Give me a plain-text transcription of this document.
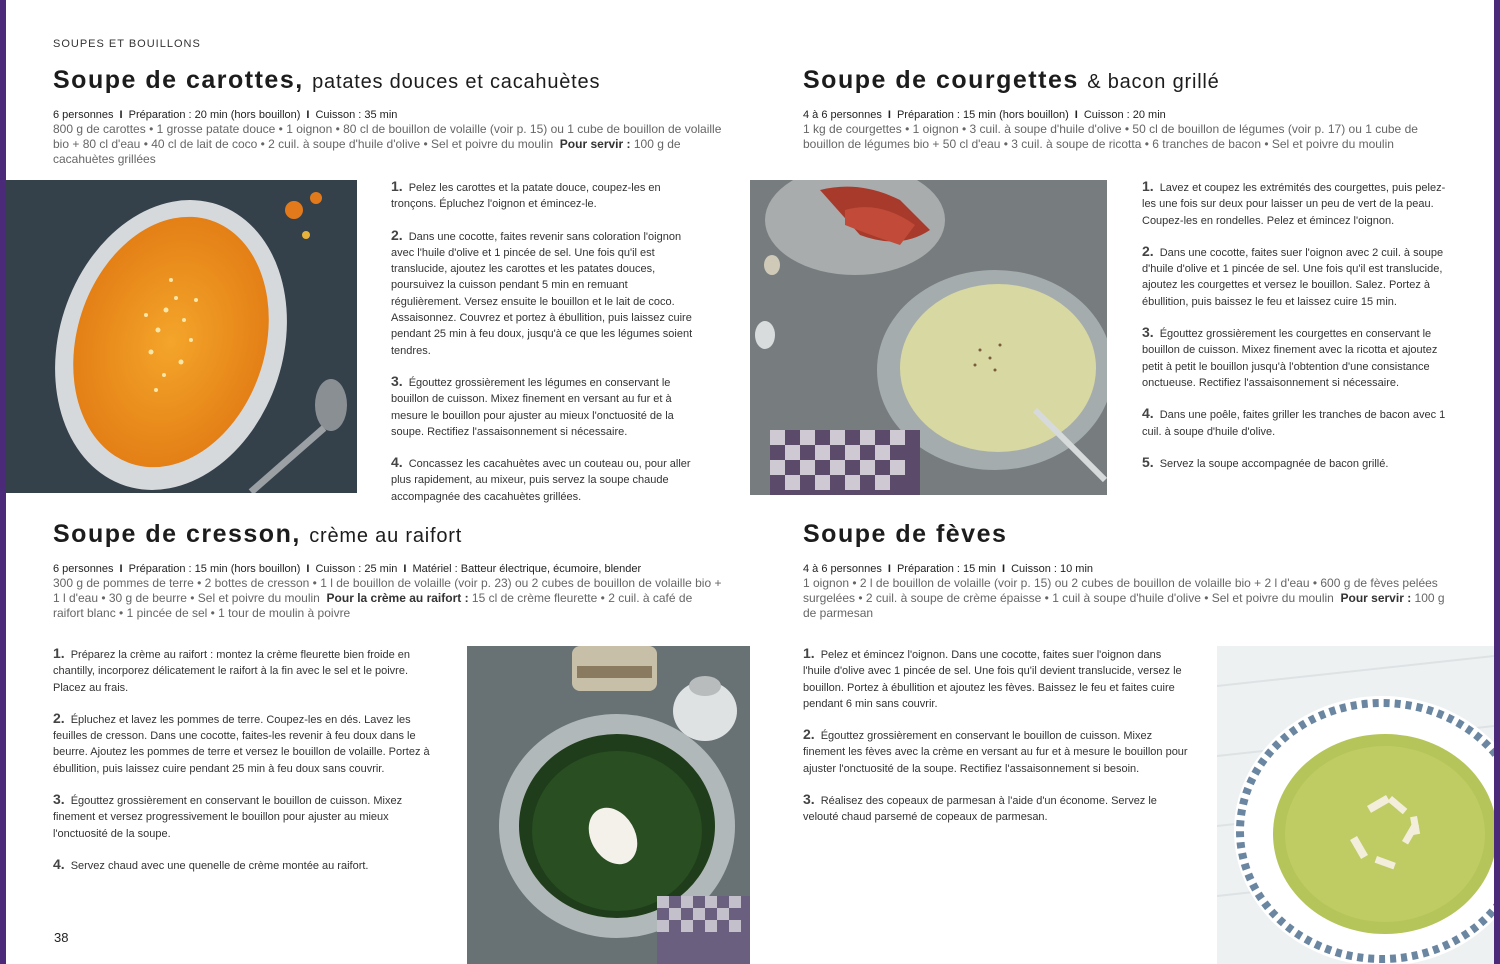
SOUPES ET BOUILLONS
Soupe de carottes, patates douces et cacahuètes
6 personnes I Préparation : 20 min (hors bouillon) I Cuisson : 35 min
800 g de carottes • 1 grosse patate douce • 1 oignon • 80 cl de bouillon de volaille (voir p. 15) ou 1 cube de bouillon de volaille bio + 80 cl d'eau • 40 cl de lait de coco • 2 cuil. à soupe d'huile d'olive • Sel et poivre du moulin Pour servir : 100 g de cacahuètes grillées
1. Pelez les carottes et la patate douce, coupez-les en tronçons. Épluchez l'oignon et émincez-le.
2. Dans une cocotte, faites revenir sans coloration l'oignon avec l'huile d'olive et 1 pincée de sel. Une fois qu'il est translucide, ajoutez les carottes et les patates douces, poursuivez la cuisson pendant 5 min en remuant régulièrement. Versez ensuite le bouillon et le lait de coco. Assaisonnez. Couvrez et portez à ébullition, puis laissez cuire pendant 25 min à feu doux, jusqu'à ce que les légumes soient tendres.
3. Égouttez grossièrement les légumes en conservant le bouillon de cuisson. Mixez finement en versant au fur et à mesure le bouillon pour ajuster au mieux l'onctuosité de la soupe. Rectifiez l'assaisonnement si nécessaire.
4. Concassez les cacahuètes avec un couteau ou, pour aller plus rapidement, au mixeur, puis servez la soupe chaude accompagnée des cacahuètes grillées.
Soupe de courgettes & bacon grillé
4 à 6 personnes I Préparation : 15 min (hors bouillon) I Cuisson : 20 min
1 kg de courgettes • 1 oignon • 3 cuil. à soupe d'huile d'olive • 50 cl de bouillon de légumes (voir p. 17) ou 1 cube de bouillon de légumes bio + 50 cl d'eau • 3 cuil. à soupe de ricotta • 6 tranches de bacon • Sel et poivre du moulin
1. Lavez et coupez les extrémités des courgettes, puis pelez-les une fois sur deux pour laisser un peu de vert de la peau. Coupez-les en rondelles. Pelez et émincez l'oignon.
2. Dans une cocotte, faites suer l'oignon avec 2 cuil. à soupe d'huile d'olive et 1 pincée de sel. Une fois qu'il est translucide, ajoutez les courgettes et versez le bouillon. Salez. Portez à ébullition, puis baissez le feu et laissez cuire 15 min.
3. Égouttez grossièrement les courgettes en conservant le bouillon de cuisson. Mixez finement avec la ricotta et ajoutez petit à petit le bouillon jusqu'à l'obtention d'une consistance onctueuse. Rectifiez l'assaisonnement si nécessaire.
4. Dans une poêle, faites griller les tranches de bacon avec 1 cuil. à soupe d'huile d'olive.
5. Servez la soupe accompagnée de bacon grillé.
Soupe de cresson, crème au raifort
6 personnes I Préparation : 15 min (hors bouillon) I Cuisson : 25 min I Matériel : Batteur électrique, écumoire, blender
300 g de pommes de terre • 2 bottes de cresson • 1 l de bouillon de volaille (voir p. 23) ou 2 cubes de bouillon de volaille bio + 1 l d'eau • 30 g de beurre • Sel et poivre du moulin Pour la crème au raifort : 15 cl de crème fleurette • 2 cuil. à café de raifort blanc • 1 pincée de sel • 1 tour de moulin à poivre
1. Préparez la crème au raifort : montez la crème fleurette bien froide en chantilly, incorporez délicatement le raifort à la fin avec le sel et le poivre. Placez au frais.
2. Épluchez et lavez les pommes de terre. Coupez-les en dés. Lavez les feuilles de cresson. Dans une cocotte, faites-les revenir à feu doux dans le beurre. Ajoutez les pommes de terre et versez le bouillon de volaille. Portez à ébullition, puis laissez cuire pendant 25 min à feu doux sans couvrir.
3. Égouttez grossièrement en conservant le bouillon de cuisson. Mixez finement et versez progressivement le bouillon pour ajuster au mieux l'onctuosité de la soupe.
4. Servez chaud avec une quenelle de crème montée au raifort.
Soupe de fèves
4 à 6 personnes I Préparation : 15 min I Cuisson : 10 min
1 oignon • 2 l de bouillon de volaille (voir p. 15) ou 2 cubes de bouillon de volaille bio + 2 l d'eau • 600 g de fèves pelées surgelées • 2 cuil. à soupe de crème épaisse • 1 cuil à soupe d'huile d'olive • Sel et poivre du moulin Pour servir : 100 g de parmesan
1. Pelez et émincez l'oignon. Dans une cocotte, faites suer l'oignon dans l'huile d'olive avec 1 pincée de sel. Une fois qu'il devient translucide, versez le bouillon. Portez à ébullition et ajoutez les fèves. Baissez le feu et faites cuire pendant 6 min sans couvrir.
2. Égouttez grossièrement en conservant le bouillon de cuisson. Mixez finement les fèves avec la crème en versant au fur et à mesure le bouillon pour ajuster l'onctuosité de la soupe. Rectifiez l'assaisonnement si besoin.
3. Réalisez des copeaux de parmesan à l'aide d'un économe. Servez le velouté chaud parsemé de copeaux de parmesan.
38
